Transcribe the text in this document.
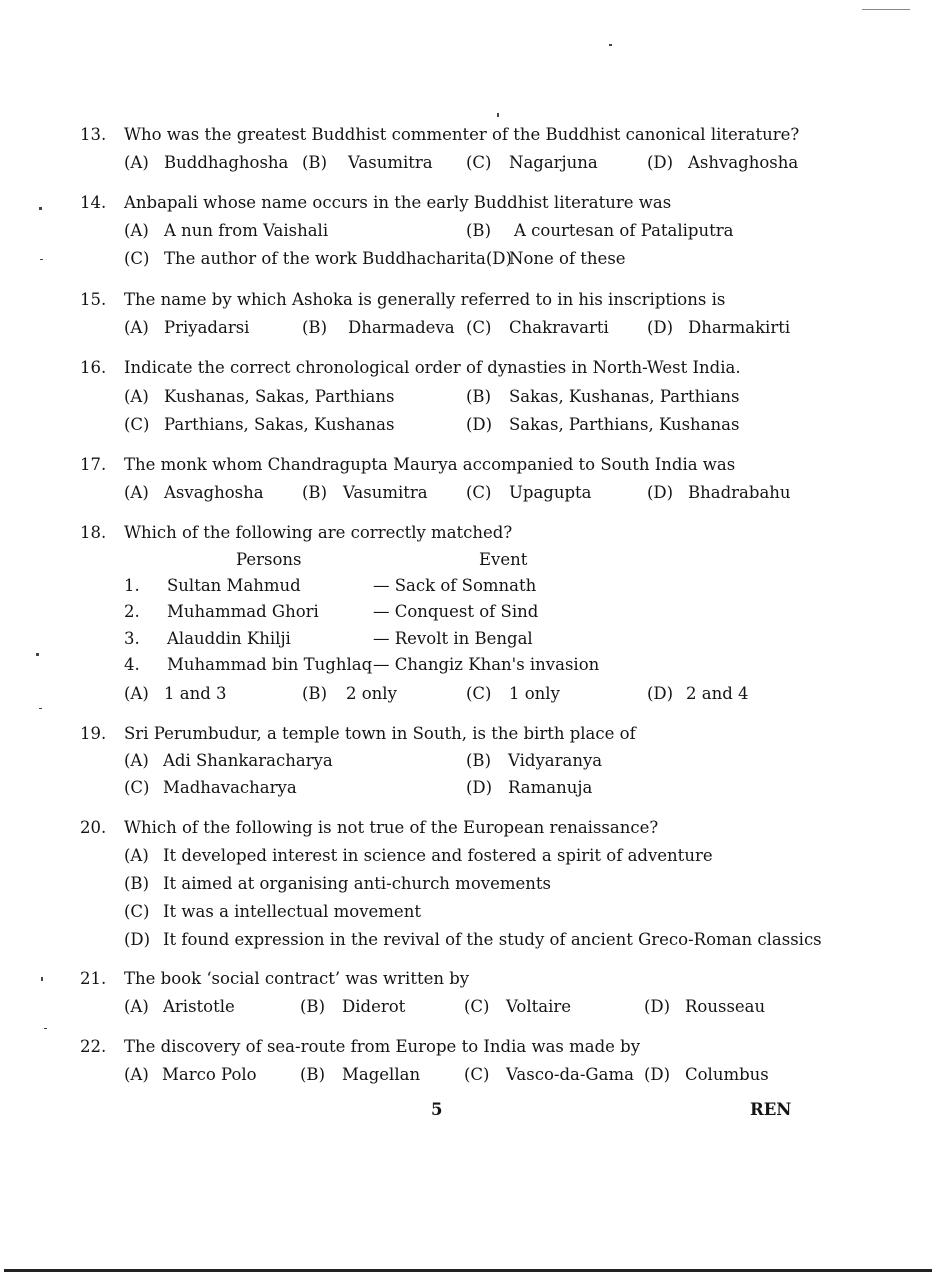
13. Who was the greatest Buddhist commenter of the Buddhist canonical literature?
(A) Buddhaghosha (B) Vasumitra (C) Nagarjuna	(D) Ashvaghosha
14. Anbapali whose name occurs in the early Buddhist literature was
(A) A nun from Vaishali	(B) A courtesan of Pataliputra
(C) The author of the work Buddhacharita(D)
None of these
15. The name by which Ashoka is generally referred to in his inscriptions is
(A) Priyadarsi	(B) Dharmadeva (C) Chakravarti (D) Dharmakirti
16. Indicate the correct chronological order of dynasties in North-West India.
(A) Kushanas, Sakas, Parthians	(B) Sakas, Kushanas, Parthians
(C) Parthians, Sakas, Kushanas	(D) Sakas, Parthians, Kushanas
17. The monk whom Chandragupta Maurya accompanied to South India was
(A) Asvaghosha (B) Vasumitra (C) Upagupta	(D) Bhadrabahu
18. Which of the following are correctly matched?
Persons	Event
1. Sultan Mahmud	— Sack of Somnath
2. Muhammad Ghori	— Conquest of Sind
3. Alauddin Khilji	— Revolt in Bengal
4. Muhammad bin Tughlaq — Changiz Khan's invasion
(A) 1 and 3	(B) 2 only	(C) 1 only	(D) 2 and 4
19. Sri Perumbudur, a temple town in South, is the birth place of
(A) Adi Shankaracharya	(B) Vidyaranya
(C) Madhavacharya	(D) Ramanuja
20. Which of the following is not true of the European renaissance?
(A) It developed interest in science and fostered a spirit of adventure
(B) It aimed at organising anti-church movements
(C) It was a intellectual movement
(D) It found expression in the revival of the study of ancient Greco-Roman classics
21. The book ‘social contract’ was written by
(A) Aristotle	(B) Diderot	(C) Voltaire	(D) Rousseau
22. The discovery of sea-route from Europe to India was made by
(A) Marco Polo	(B) Magellan	(C) Vasco-da-Gama (D) Columbus
5	REN
